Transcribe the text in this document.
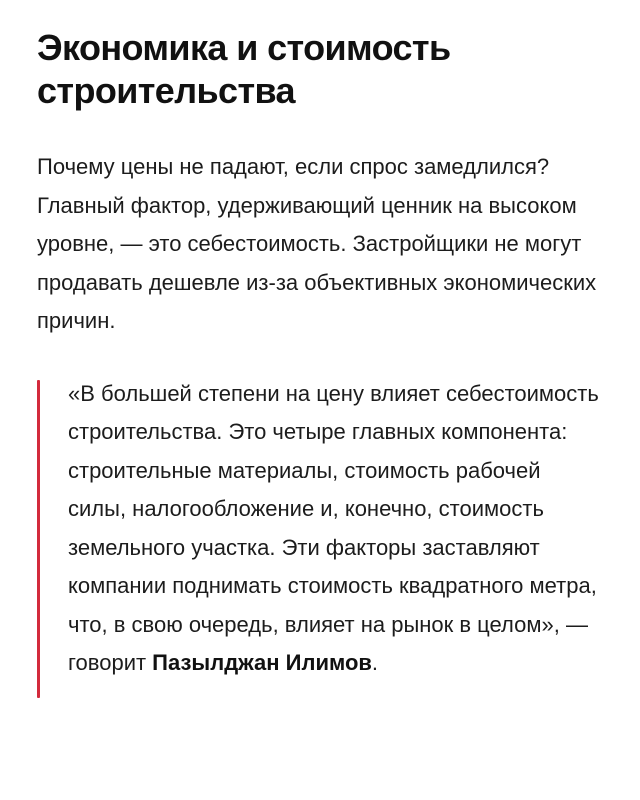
Экономика и стоимость строительства

Почему цены не падают, если спрос замедлился? Главный фактор, удерживающий ценник на высоком уровне, — это себестоимость. Застройщики не могут продавать дешевле из-за объективных экономических причин.

«В большей степени на цену влияет себестоимость строительства. Это четыре главных компонента: строительные материалы, стоимость рабочей силы, налогообложение и, конечно, стоимость земельного участка. Эти факторы заставляют компании поднимать стоимость квадратного метра, что, в свою очередь, влияет на рынок в целом», — говорит Пазылджан Илимов.
